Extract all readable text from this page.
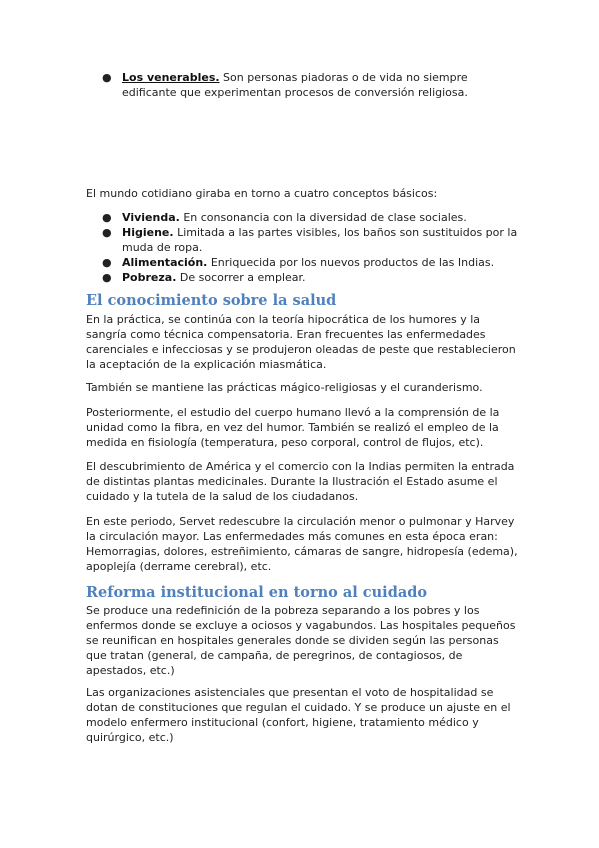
● Los venerables. Son personas piadoras o de vida no siempre edificante que experimentan procesos de conversión religiosa.

El mundo cotidiano giraba en torno a cuatro conceptos básicos:

● Vivienda. En consonancia con la diversidad de clase sociales.
● Higiene. Limitada a las partes visibles, los baños son sustituidos por la muda de ropa.
● Alimentación. Enriquecida por los nuevos productos de las Indias.
● Pobreza. De socorrer a emplear.
El conocimiento sobre la salud

En la práctica, se continúa con la teoría hipocrática de los humores y la sangría como técnica compensatoria. Eran frecuentes las enfermedades carenciales e infecciosas y se produjeron oleadas de peste que restablecieron la aceptación de la explicación miasmática.

También se mantiene las prácticas mágico-religiosas y el curanderismo.

Posteriormente, el estudio del cuerpo humano llevó a la comprensión de la unidad como la fibra, en vez del humor. También se realizó el empleo de la medida en fisiología (temperatura, peso corporal, control de flujos, etc).

El descubrimiento de América y el comercio con la Indias permiten la entrada de distintas plantas medicinales. Durante la Ilustración el Estado asume el cuidado y la tutela de la salud de los ciudadanos.

En este periodo, Servet redescubre la circulación menor o pulmonar y Harvey la circulación mayor. Las enfermedades más comunes en esta época eran: Hemorragias, dolores, estreñimiento, cámaras de sangre, hidropesía (edema), apoplejía (derrame cerebral), etc.

Reforma institucional en torno al cuidado

Se produce una redefinición de la pobreza separando a los pobres y los enfermos donde se excluye a ociosos y vagabundos. Las hospitales pequeños se reunifican en hospitales generales donde se dividen según las personas que tratan (general, de campaña, de peregrinos, de contagiosos, de apestados, etc.)

Las organizaciones asistenciales que presentan el voto de hospitalidad se dotan de constituciones que regulan el cuidado. Y se produce un ajuste en el modelo enfermero institucional (confort, higiene, tratamiento médico y quirúrgico, etc.)
